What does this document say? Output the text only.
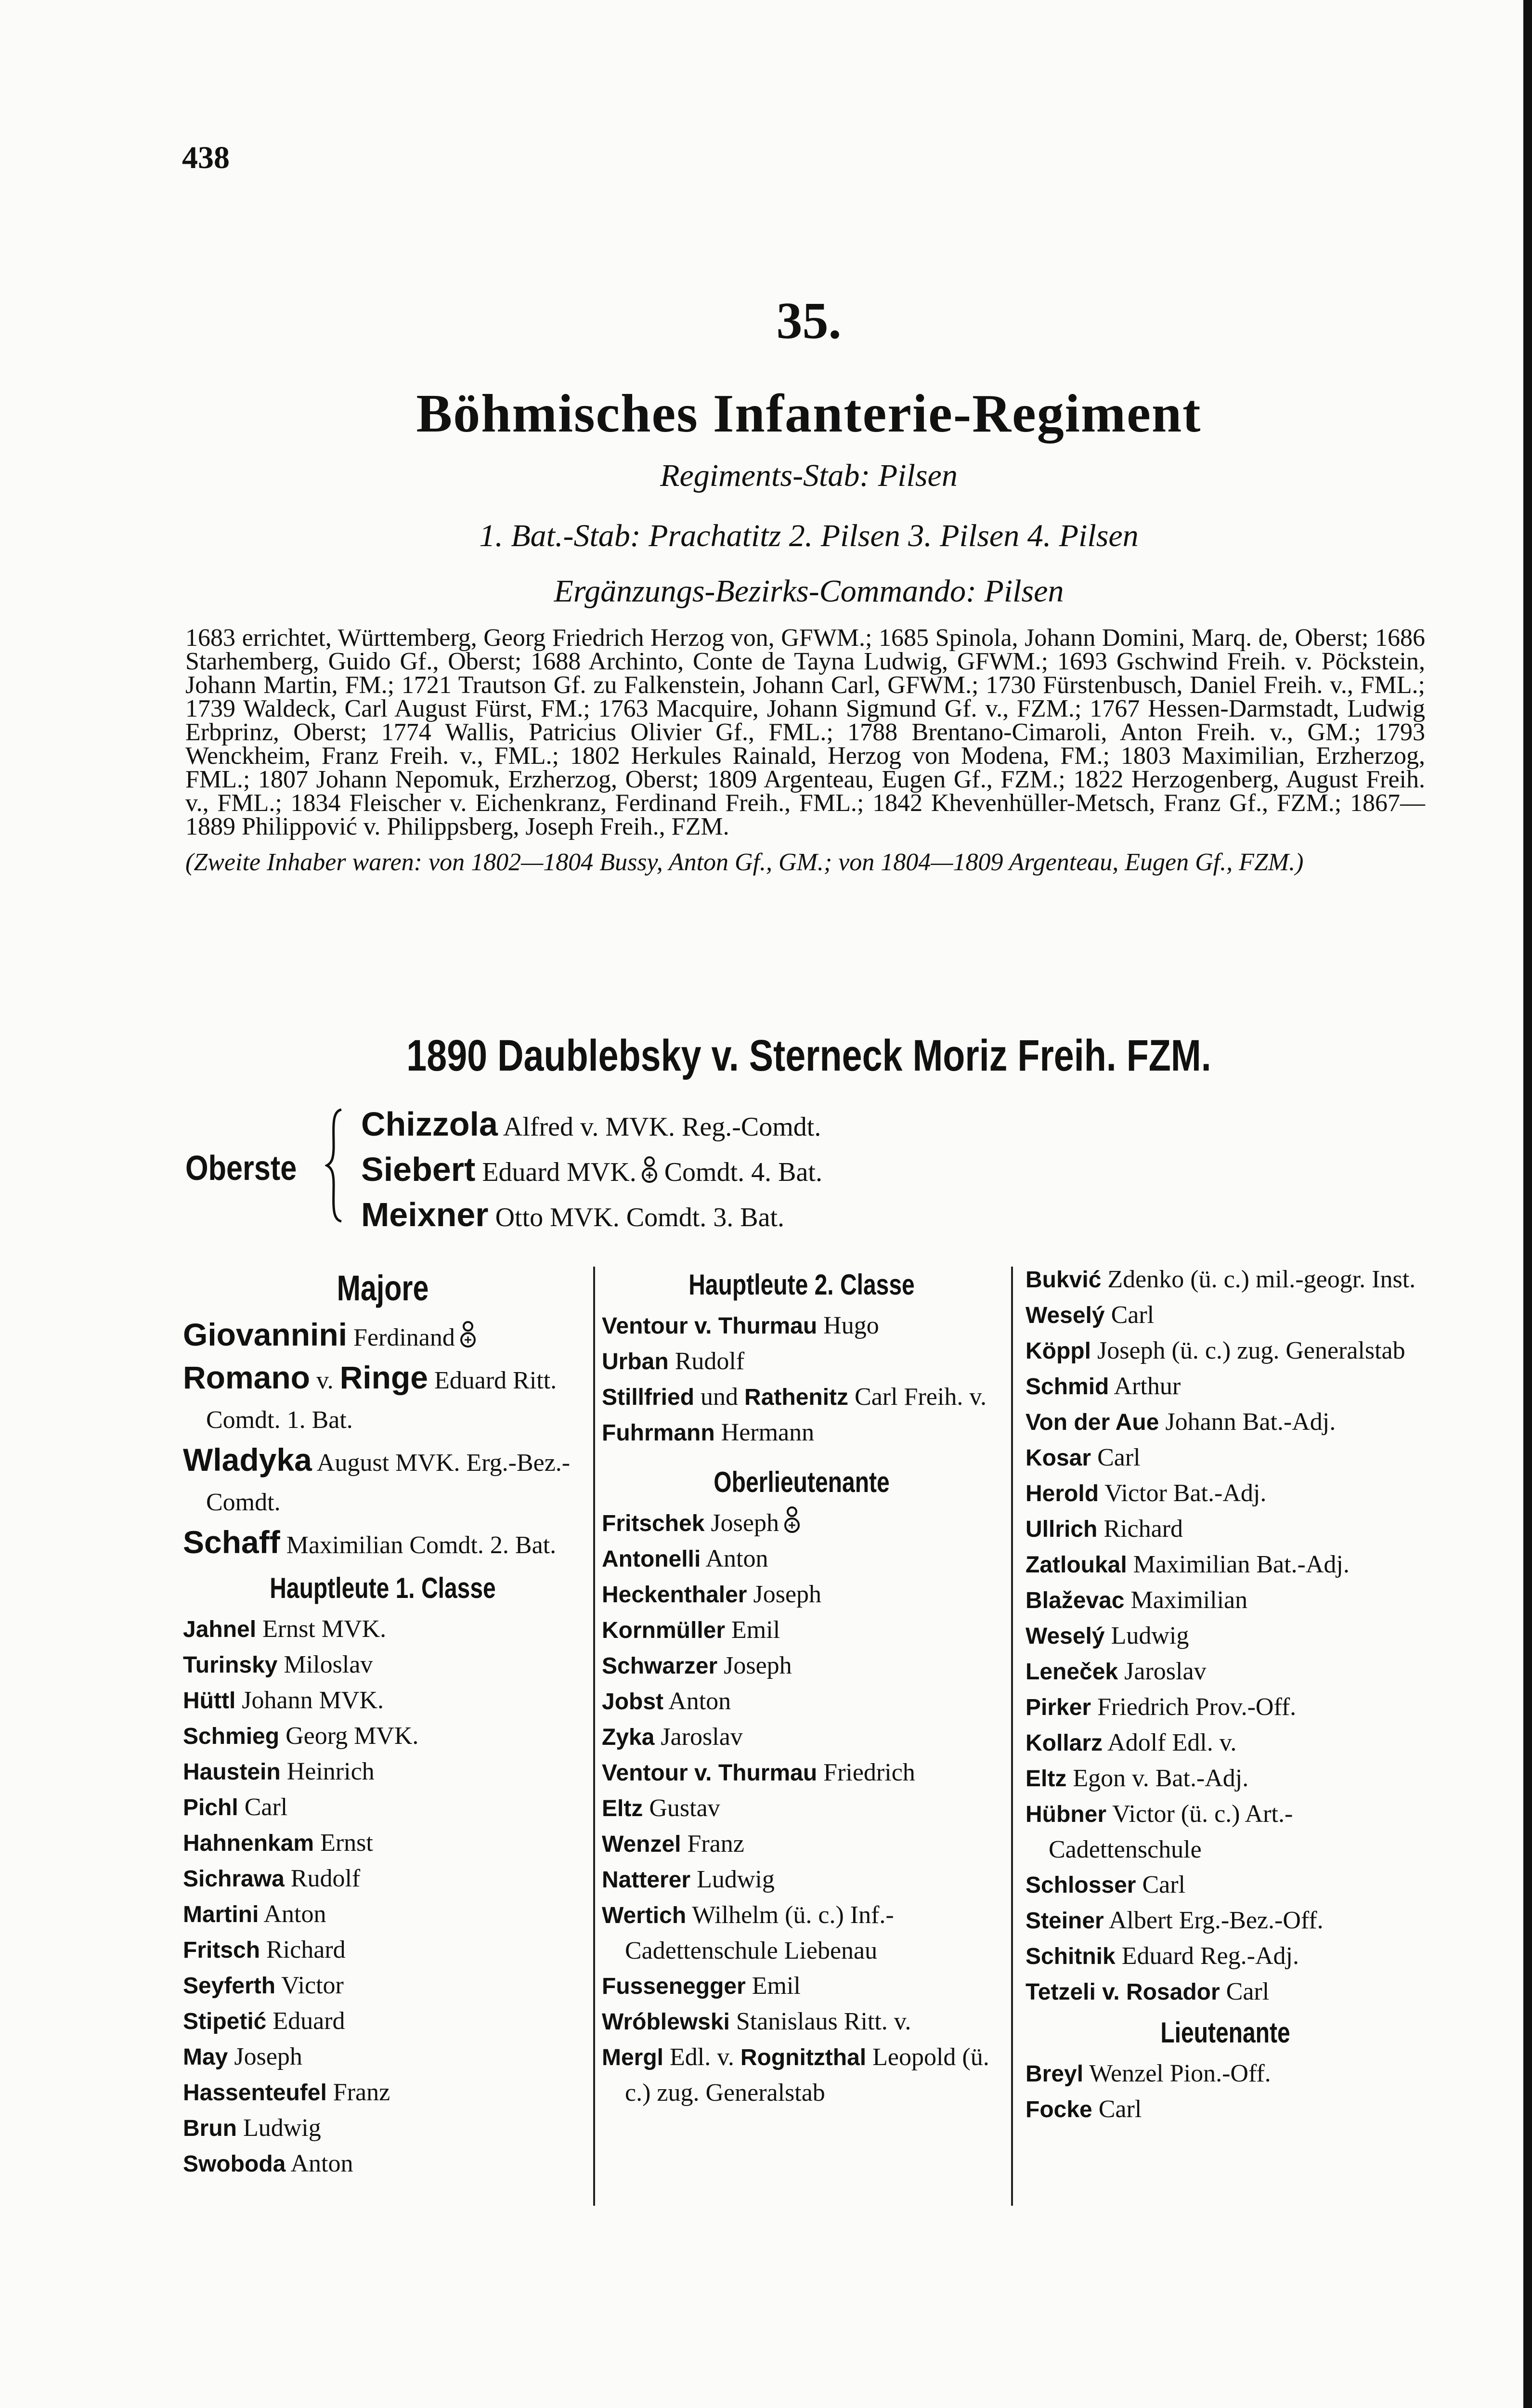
438
35.
Böhmisches Infanterie-Regiment
Regiments-Stab: Pilsen
1. Bat.-Stab: Prachatitz 2. Pilsen 3. Pilsen 4. Pilsen
Ergänzungs-Bezirks-Commando: Pilsen

1683 errichtet, Württemberg, Georg Friedrich Herzog von, GFWM.; 1685 Spinola, Johann Domini, Marq. de, Oberst; 1686 Starhemberg, Guido Gf., Oberst; 1688 Archinto, Conte de Tayna Ludwig, GFWM.; 1693 Gschwind Freih. v. Pöckstein, Johann Martin, FM.; 1721 Trautson Gf. zu Falkenstein, Johann Carl, GFWM.; 1730 Fürstenbusch, Daniel Freih. v., FML.; 1739 Waldeck, Carl August Fürst, FM.; 1763 Macquire, Johann Sigmund Gf. v., FZM.; 1767 Hessen-Darmstadt, Ludwig Erbprinz, Oberst; 1774 Wallis, Patricius Olivier Gf., FML.; 1788 Brentano-Cimaroli, Anton Freih. v., GM.; 1793 Wenckheim, Franz Freih. v., FML.; 1802 Herkules Rainald, Herzog von Modena, FM.; 1803 Maximilian, Erzherzog, FML.; 1807 Johann Nepomuk, Erzherzog, Oberst; 1809 Argenteau, Eugen Gf., FZM.; 1822 Herzogenberg, August Freih. v., FML.; 1834 Fleischer v. Eichenkranz, Ferdinand Freih., FML.; 1842 Khevenhüller-Metsch, Franz Gf., FZM.; 1867—1889 Philippović v. Philippsberg, Joseph Freih., FZM.

(Zweite Inhaber waren: von 1802—1804 Bussy, Anton Gf., GM.; von 1804—1809 Argenteau, Eugen Gf., FZM.)

1890 Daublebsky v. Sterneck Moriz Freih. FZM.
Oberste
Chizzola Alfred v. MVK. Reg.-Comdt.
Siebert Eduard MVK. Comdt. 4. Bat.
Meixner Otto MVK. Comdt. 3. Bat.
Majore
Giovannini Ferdinand
Romano v. Ringe Eduard Ritt. Comdt. 1. Bat.
Wladyka August MVK. Erg.-Bez.-Comdt.
Schaff Maximilian Comdt. 2. Bat.
Hauptleute 1. Classe
Jahnel Ernst MVK.
Turinsky Miloslav
Hüttl Johann MVK.
Schmieg Georg MVK.
Haustein Heinrich
Pichl Carl
Hahnenkam Ernst
Sichrawa Rudolf
Martini Anton
Fritsch Richard
Seyferth Victor
Stipetić Eduard
May Joseph
Hassenteufel Franz
Brun Ludwig
Swoboda Anton
Hauptleute 2. Classe
Ventour v. Thurmau Hugo
Urban Rudolf
Stillfried und Rathenitz Carl Freih. v.
Fuhrmann Hermann
Oberlieutenante
Fritschek Joseph
Antonelli Anton
Heckenthaler Joseph
Kornmüller Emil
Schwarzer Joseph
Jobst Anton
Zyka Jaroslav
Ventour v. Thurmau Friedrich
Eltz Gustav
Wenzel Franz
Natterer Ludwig
Wertich Wilhelm (ü. c.) Inf.-Cadettenschule Liebenau
Fussenegger Emil
Wróblewski Stanislaus Ritt. v.
Mergl Edl. v. Rognitzthal Leopold (ü. c.) zug. Generalstab
Bukvić Zdenko (ü. c.) mil.-geogr. Inst.
Weselý Carl
Köppl Joseph (ü. c.) zug. Generalstab
Schmid Arthur
Von der Aue Johann Bat.-Adj.
Kosar Carl
Herold Victor Bat.-Adj.
Ullrich Richard
Zatloukal Maximilian Bat.-Adj.
Blaževac Maximilian
Weselý Ludwig
Leneček Jaroslav
Pirker Friedrich Prov.-Off.
Kollarz Adolf Edl. v.
Eltz Egon v. Bat.-Adj.
Hübner Victor (ü. c.) Art.-Cadettenschule
Schlosser Carl
Steiner Albert Erg.-Bez.-Off.
Schitnik Eduard Reg.-Adj.
Tetzeli v. Rosador Carl
Lieutenante
Breyl Wenzel Pion.-Off.
Focke Carl
